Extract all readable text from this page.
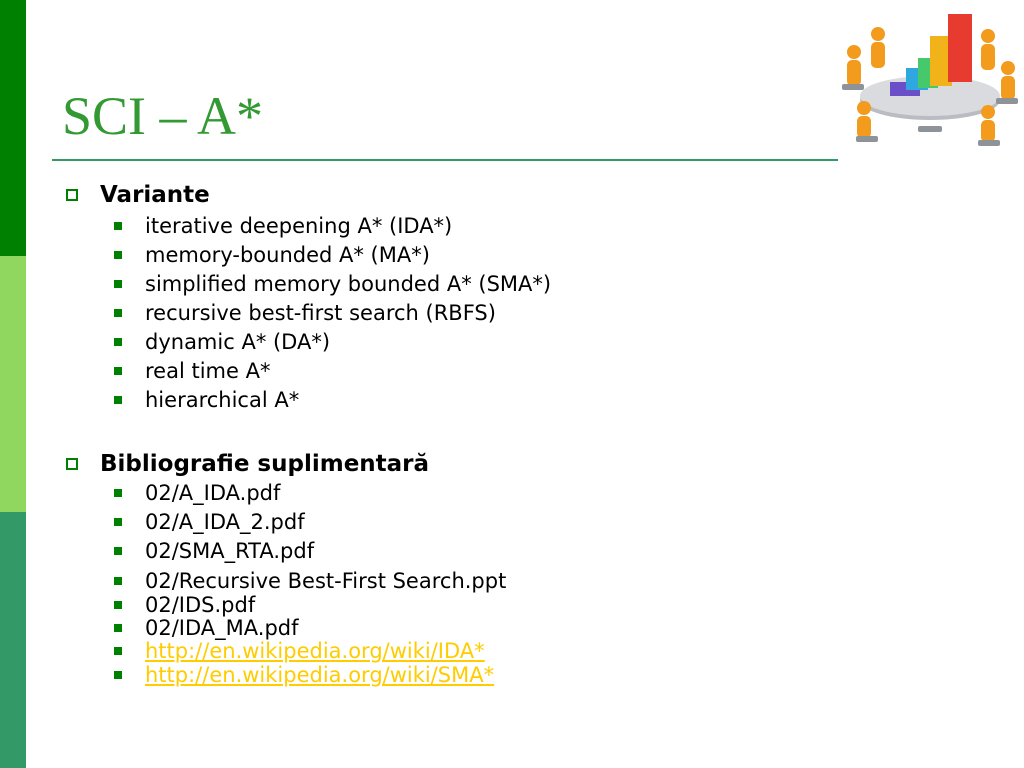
SCI – A*
Variante
iterative deepening A* (IDA*)
memory-bounded A* (MA*)
simplified memory bounded A* (SMA*)
recursive best-first search (RBFS)
dynamic A* (DA*)
real time A*
hierarchical A*
Bibliografie suplimentară
02/A_IDA.pdf
02/A_IDA_2.pdf
02/SMA_RTA.pdf
02/Recursive Best-First Search.ppt
02/IDS.pdf
02/IDA_MA.pdf
http://en.wikipedia.org/wiki/IDA*
http://en.wikipedia.org/wiki/SMA*
